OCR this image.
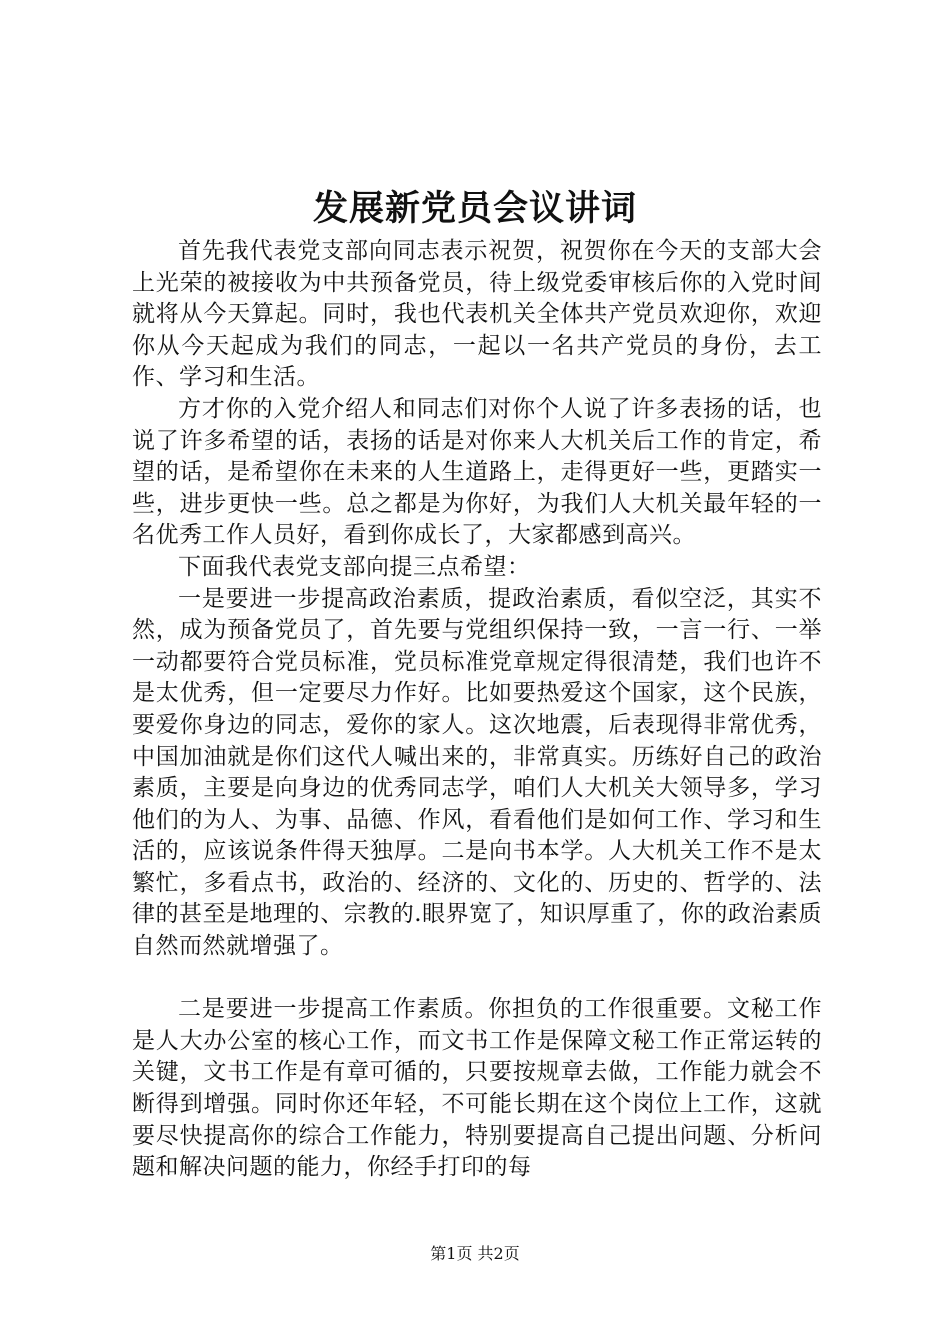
发展新党员会议讲词

首先我代表党支部向同志表示祝贺，祝贺你在今天的支部大会上光荣的被接收为中共预备党员，待上级党委审核后你的入党时间就将从今天算起。同时，我也代表机关全体共产党员欢迎你，欢迎你从今天起成为我们的同志，一起以一名共产党员的身份，去工作、学习和生活。

方才你的入党介绍人和同志们对你个人说了许多表扬的话，也说了许多希望的话，表扬的话是对你来人大机关后工作的肯定，希望的话，是希望你在未来的人生道路上，走得更好一些，更踏实一些，进步更快一些。总之都是为你好，为我们人大机关最年轻的一名优秀工作人员好，看到你成长了，大家都感到高兴。

下面我代表党支部向提三点希望：

一是要进一步提高政治素质，提政治素质，看似空泛，其实不然，成为预备党员了，首先要与党组织保持一致，一言一行、一举一动都要符合党员标准，党员标准党章规定得很清楚，我们也许不是太优秀，但一定要尽力作好。比如要热爱这个国家，这个民族，要爱你身边的同志，爱你的家人。这次地震，后表现得非常优秀，中国加油就是你们这代人喊出来的，非常真实。历练好自己的政治素质，主要是向身边的优秀同志学，咱们人大机关大领导多，学习他们的为人、为事、品德、作风，看看他们是如何工作、学习和生活的，应该说条件得天独厚。二是向书本学。人大机关工作不是太繁忙，多看点书，政治的、经济的、文化的、历史的、哲学的、法律的甚至是地理的、宗教的.眼界宽了，知识厚重了，你的政治素质自然而然就增强了。

二是要进一步提高工作素质。你担负的工作很重要。文秘工作是人大办公室的核心工作，而文书工作是保障文秘工作正常运转的关键，文书工作是有章可循的，只要按规章去做，工作能力就会不断得到增强。同时你还年轻，不可能长期在这个岗位上工作，这就要尽快提高你的综合工作能力，特别要提高自己提出问题、分析问题和解决问题的能力，你经手打印的每

第1页 共2页
